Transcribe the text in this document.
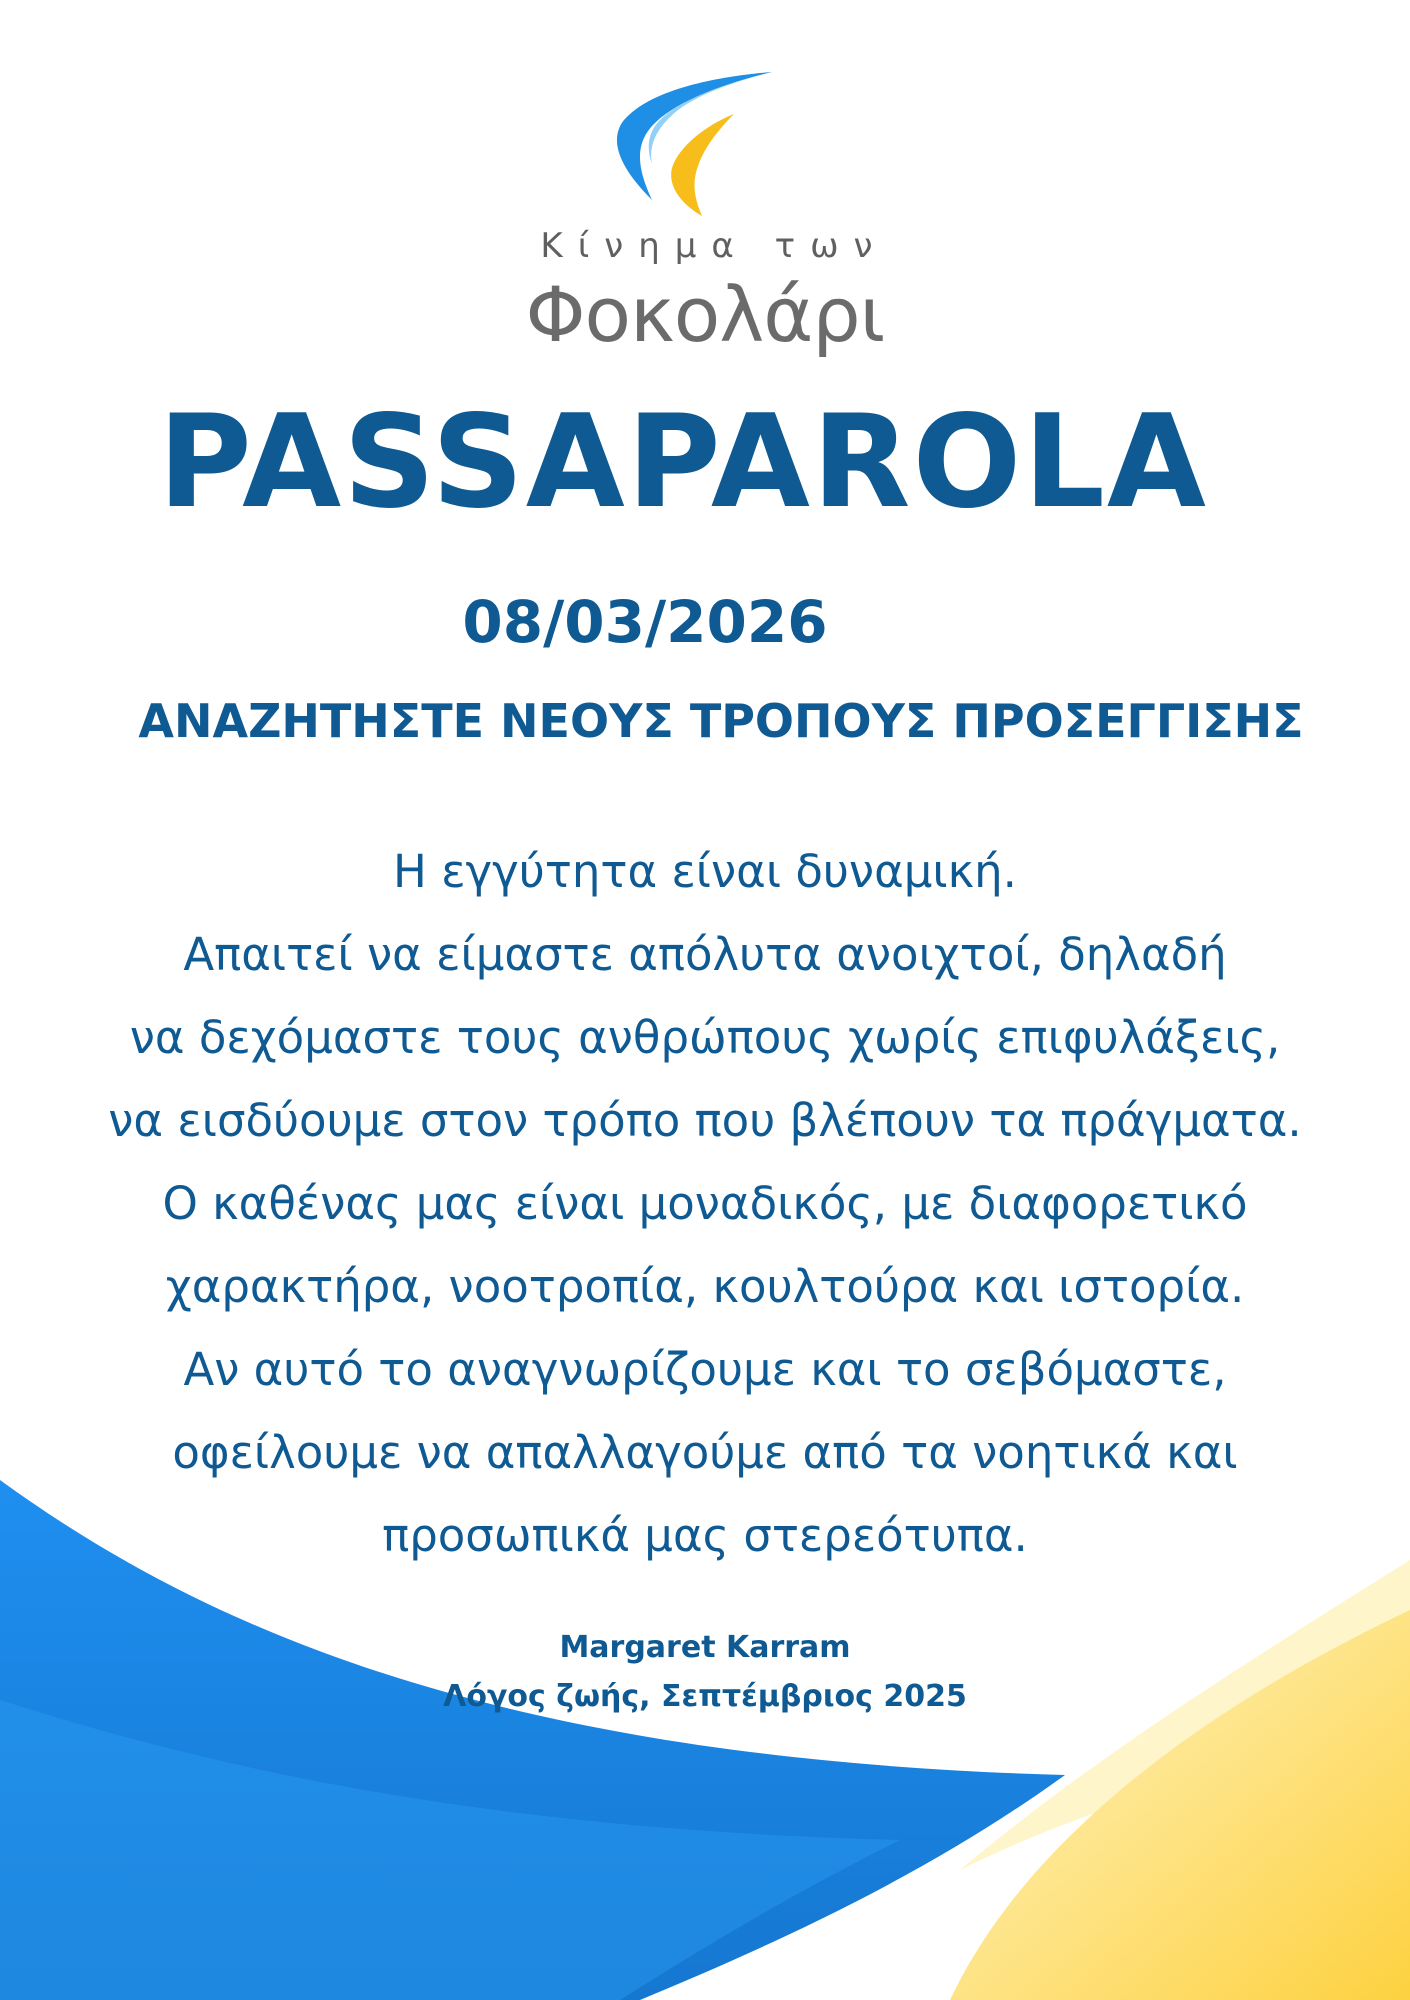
Κίνημα των
Φοκολάρι
PASSAPAROLA
08/03/2026
ΑΝΑΖΗΤΗΣΤΕ ΝΕΟΥΣ ΤΡΟΠΟΥΣ ΠΡΟΣΕΓΓΙΣΗΣ
Η εγγύτητα είναι δυναμική.
Απαιτεί να είμαστε απόλυτα ανοιχτοί, δηλαδή
να δεχόμαστε τους ανθρώπους χωρίς επιφυλάξεις,
να εισδύουμε στον τρόπο που βλέπουν τα πράγματα.
Ο καθένας μας είναι μοναδικός, με διαφορετικό
χαρακτήρα, νοοτροπία, κουλτούρα και ιστορία.
Αν αυτό το αναγνωρίζουμε και το σεβόμαστε,
οφείλουμε να απαλλαγούμε από τα νοητικά και
προσωπικά μας στερεότυπα.
Margaret Karram
Λόγος ζωής, Σεπτέμβριος 2025
